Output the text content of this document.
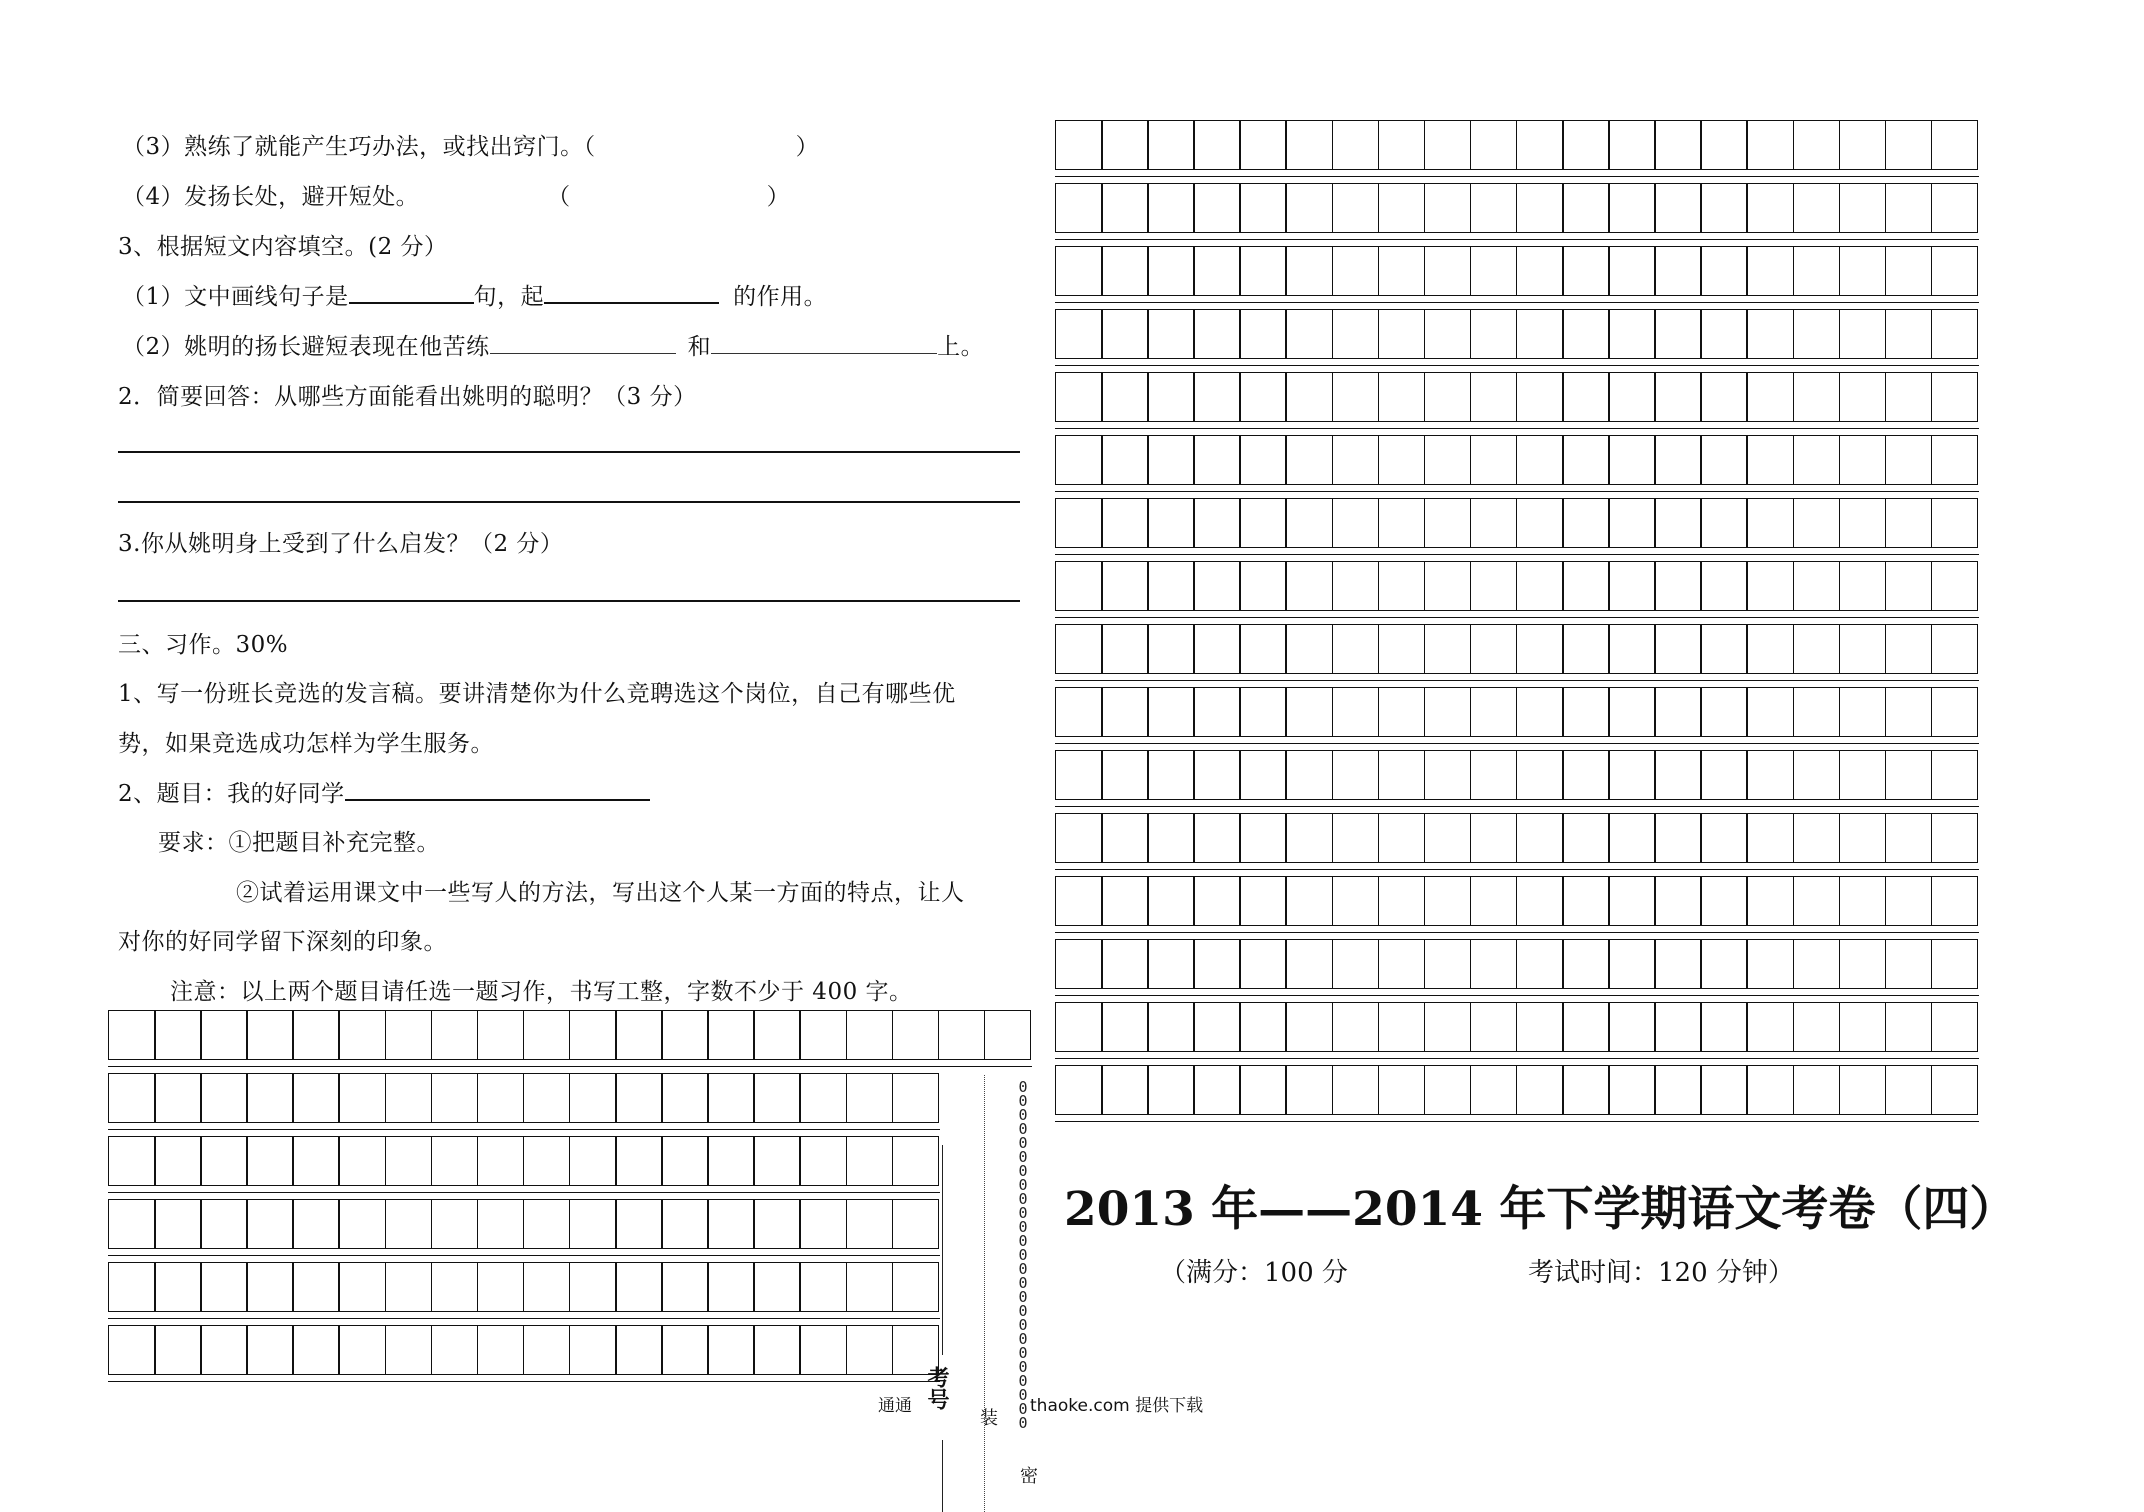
（3）熟练了就能产生巧办法，或找出窍门。（	）
（4）发扬长处，避开短处。	（	）
3、根据短文内容填空。(2 分）
（1）文中画线句子是	句，起	的作用。
（2）姚明的扬长避短表现在他苦练	和	上。
2．简要回答：从哪些方面能看出姚明的聪明？（3 分）
3.你从姚明身上受到了什么启发？（2 分）
三、习作。30%
1、写一份班长竞选的发言稿。要讲清楚你为什么竞聘选这个岗位，自己有哪些优
势，如果竞选成功怎样为学生服务。
2、题目：我的好同学
要求：①把题目补充完整。
②试着运用课文中一些写人的方法，写出这个人某一方面的特点，让人
对你的好同学留下深刻的印象。
注意：以上两个题目请任选一题习作，书写工整，字数不少于 400 字。
2013 年——2014 年下学期语文考卷（四）
（满分：100 分	考试时间：120 分钟）
考号
装
密
0000000000000000000000000
通通	thaoke.com 提供下载
